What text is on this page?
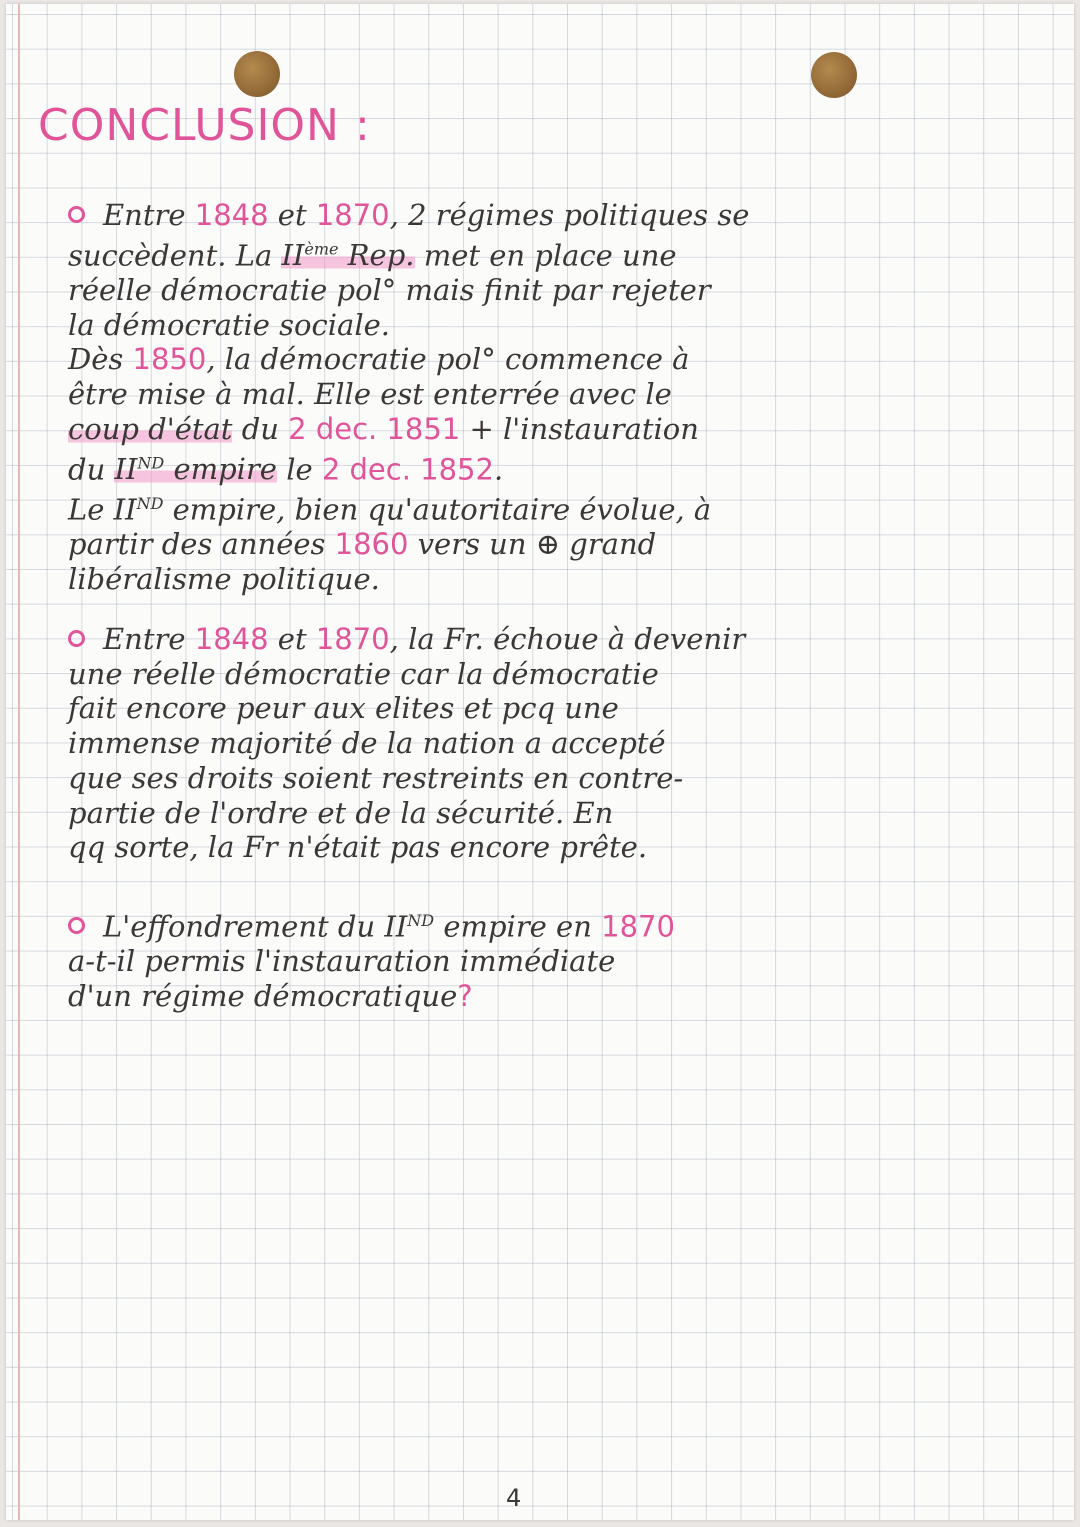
CONCLUSION :
Entre 1848 et 1870, 2 régimes politiques se
succèdent. La IIème Rep. met en place une
réelle démocratie pol° mais finit par rejeter
la démocratie sociale.
Dès 1850, la démocratie pol° commence à
être mise à mal. Elle est enterrée avec le
coup d'état du 2 dec. 1851 + l'instauration
du IIND empire le 2 dec. 1852.
Le IIND empire, bien qu'autoritaire évolue, à
partir des années 1860 vers un ⊕ grand
libéralisme politique.
Entre 1848 et 1870, la Fr. échoue à devenir
une réelle démocratie car la démocratie
fait encore peur aux elites et pcq une
immense majorité de la nation a accepté
que ses droits soient restreints en contre-
partie de l'ordre et de la sécurité. En
qq sorte, la Fr n'était pas encore prête.
L'effondrement du IIND empire en 1870
a-t-il permis l'instauration immédiate
d'un régime démocratique?
4
